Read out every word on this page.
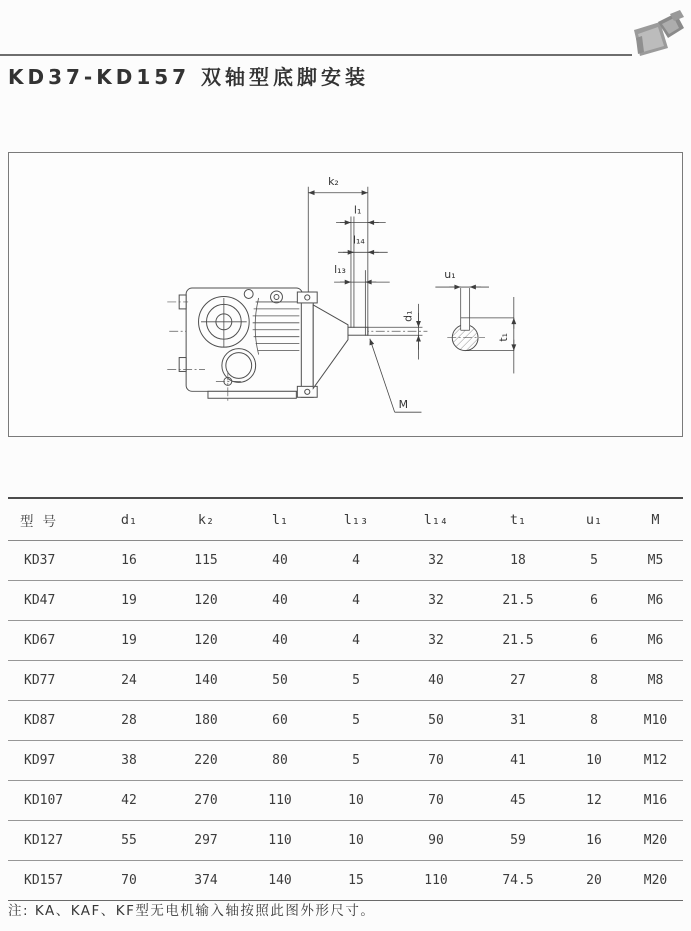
KD37-KD157 双轴型底脚安装
k₂
l₁
l₁₄
l₁₃
d₁
M
u₁
t₁
型号	d₁	k₂	l₁	l₁₃	l₁₄	t₁	u₁	M
KD37	16	115	40	4	32	18	5	M5
KD47	19	120	40	4	32	21.5	6	M6
KD67	19	120	40	4	32	21.5	6	M6
KD77	24	140	50	5	40	27	8	M8
KD87	28	180	60	5	50	31	8	M10
KD97	38	220	80	5	70	41	10	M12
KD107	42	270	110	10	70	45	12	M16
KD127	55	297	110	10	90	59	16	M20
KD157	70	374	140	15	110	74.5	20	M20
注: KA、KAF、KF型无电机输入轴按照此图外形尺寸。
